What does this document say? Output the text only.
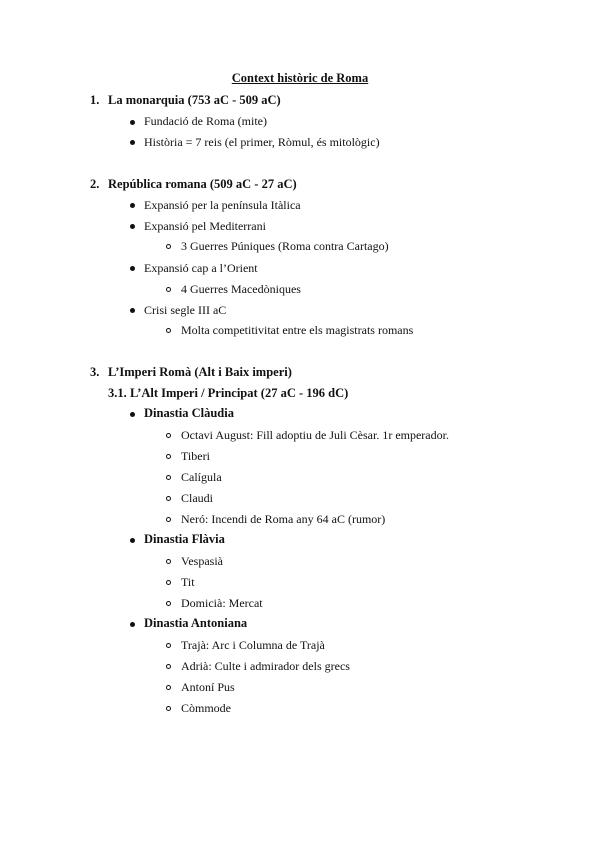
Context històric de Roma
1. La monarquia (753 aC - 509 aC)
Fundació de Roma (mite)
Història = 7 reis (el primer, Ròmul, és mitològic)
2. República romana (509 aC - 27 aC)
Expansió per la península Itàlica
Expansió pel Mediterrani
3 Guerres Púniques (Roma contra Cartago)
Expansió cap a l’Orient
4 Guerres Macedòniques
Crisi segle III aC
Molta competitivitat entre els magistrats romans
3. L’Imperi Romà (Alt i Baix imperi)
3.1. L’Alt Imperi / Principat (27 aC - 196 dC)
Dinastia Clàudia
Octavi August: Fill adoptiu de Juli Cèsar. 1r emperador.
Tiberi
Calígula
Claudi
Neró: Incendi de Roma any 64 aC (rumor)
Dinastia Flàvia
Vespasià
Tit
Domicià: Mercat
Dinastia Antoniana
Trajà: Arc i Columna de Trajà
Adrià: Culte i admirador dels grecs
Antoní Pus
Còmmode
